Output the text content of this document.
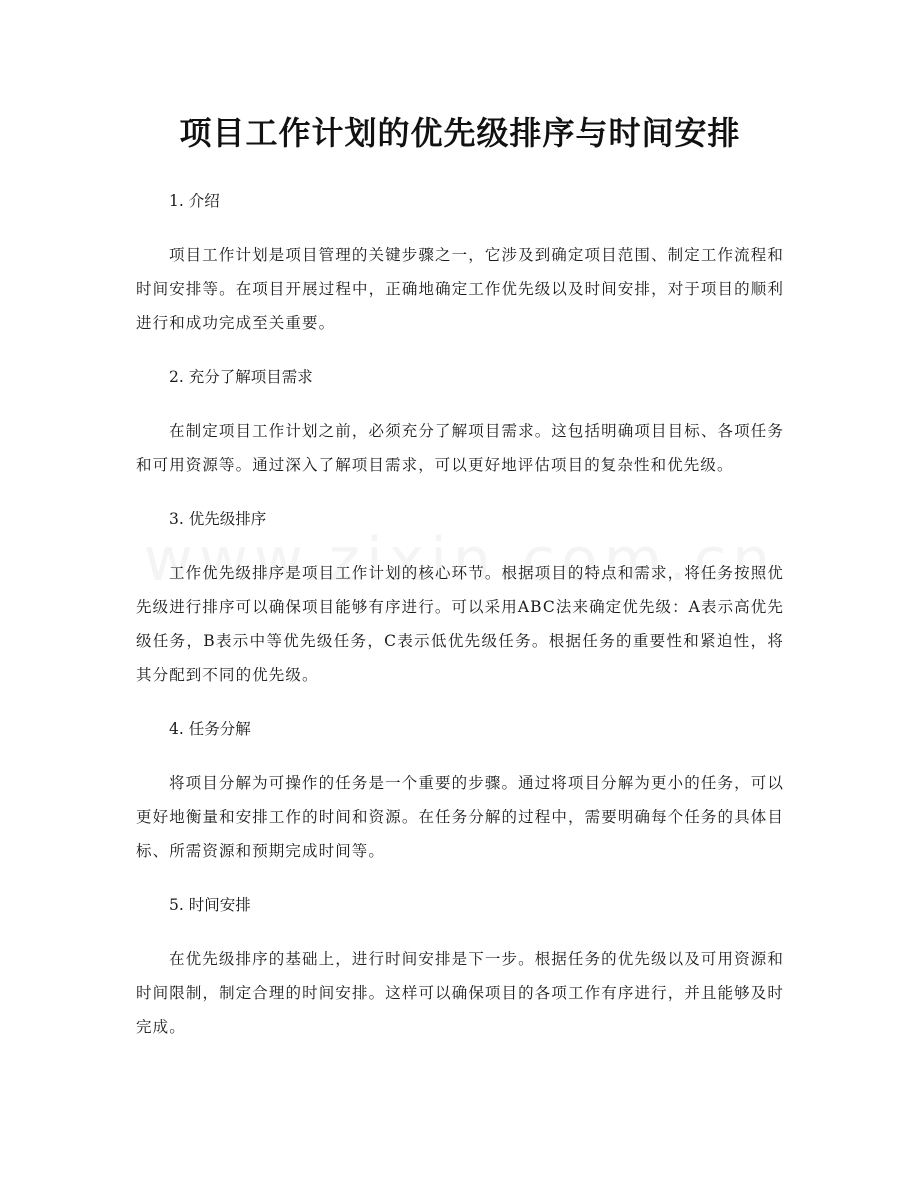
项目工作计划的优先级排序与时间安排

1. 介绍

项目工作计划是项目管理的关键步骤之一，它涉及到确定项目范围、制定工作流程和时间安排等。在项目开展过程中，正确地确定工作优先级以及时间安排，对于项目的顺利进行和成功完成至关重要。

2. 充分了解项目需求

在制定项目工作计划之前，必须充分了解项目需求。这包括明确项目目标、各项任务和可用资源等。通过深入了解项目需求，可以更好地评估项目的复杂性和优先级。

3. 优先级排序

工作优先级排序是项目工作计划的核心环节。根据项目的特点和需求，将任务按照优先级进行排序可以确保项目能够有序进行。可以采用ABC法来确定优先级：A表示高优先级任务，B表示中等优先级任务，C表示低优先级任务。根据任务的重要性和紧迫性，将其分配到不同的优先级。

4. 任务分解

将项目分解为可操作的任务是一个重要的步骤。通过将项目分解为更小的任务，可以更好地衡量和安排工作的时间和资源。在任务分解的过程中，需要明确每个任务的具体目标、所需资源和预期完成时间等。

5. 时间安排

在优先级排序的基础上，进行时间安排是下一步。根据任务的优先级以及可用资源和时间限制，制定合理的时间安排。这样可以确保项目的各项工作有序进行，并且能够及时完成。
